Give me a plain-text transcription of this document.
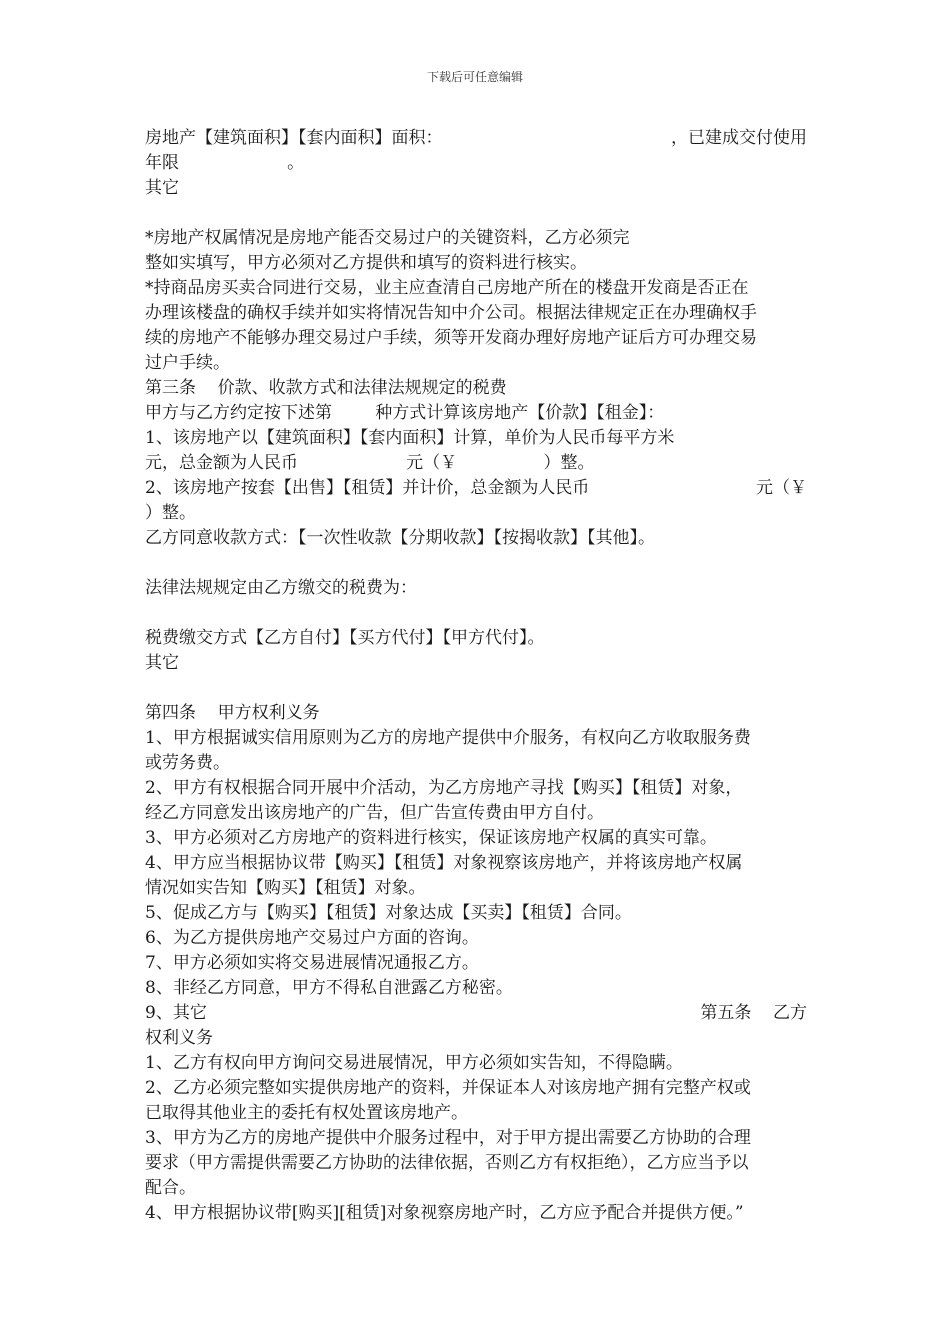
下载后可任意编辑
房地产【建筑面积】【套内面积】面积：	，已建成交付使用
年限                    。
其它
*房地产权属情况是房地产能否交易过户的关键资料，乙方必须完
整如实填写，甲方必须对乙方提供和填写的资料进行核实。
*持商品房买卖合同进行交易，业主应查清自己房地产所在的楼盘开发商是否正在
办理该楼盘的确权手续并如实将情况告知中介公司。根据法律规定正在办理确权手
续的房地产不能够办理交易过户手续，须等开发商办理好房地产证后方可办理交易
过户手续。
第三条    价款、收款方式和法律法规规定的税费
甲方与乙方约定按下述第        种方式计算该房地产【价款】【租金】：
1、该房地产以【建筑面积】【套内面积】计算，单价为人民币每平方米
元，总金额为人民币                    元（￥                ）整。
2、该房地产按套【出售】【租赁】并计价，总金额为人民币	元（￥
）整。
乙方同意收款方式：【一次性收款【分期收款】【按揭收款】【其他】。
法律法规规定由乙方缴交的税费为：
税费缴交方式【乙方自付】【买方代付】【甲方代付】。
其它
第四条    甲方权利义务
1、甲方根据诚实信用原则为乙方的房地产提供中介服务，有权向乙方收取服务费
或劳务费。
2、甲方有权根据合同开展中介活动，为乙方房地产寻找【购买】【租赁】对象，
经乙方同意发出该房地产的广告，但广告宣传费由甲方自付。
3、甲方必须对乙方房地产的资料进行核实，保证该房地产权属的真实可靠。
4、甲方应当根据协议带【购买】【租赁】对象视察该房地产，并将该房地产权属
情况如实告知【购买】【租赁】对象。
5、促成乙方与【购买】【租赁】对象达成【买卖】【租赁】合同。
6、为乙方提供房地产交易过户方面的咨询。
7、甲方必须如实将交易进展情况通报乙方。
8、非经乙方同意，甲方不得私自泄露乙方秘密。
9、其它	第五条    乙方
权利义务
1、乙方有权向甲方询问交易进展情况，甲方必须如实告知，不得隐瞒。
2、乙方必须完整如实提供房地产的资料，并保证本人对该房地产拥有完整产权或
已取得其他业主的委托有权处置该房地产。
3、甲方为乙方的房地产提供中介服务过程中，对于甲方提出需要乙方协助的合理
要求（甲方需提供需要乙方协助的法律依据，否则乙方有权拒绝），乙方应当予以
配合。
4、甲方根据协议带[购买][租赁]对象视察房地产时，乙方应予配合并提供方便。”
